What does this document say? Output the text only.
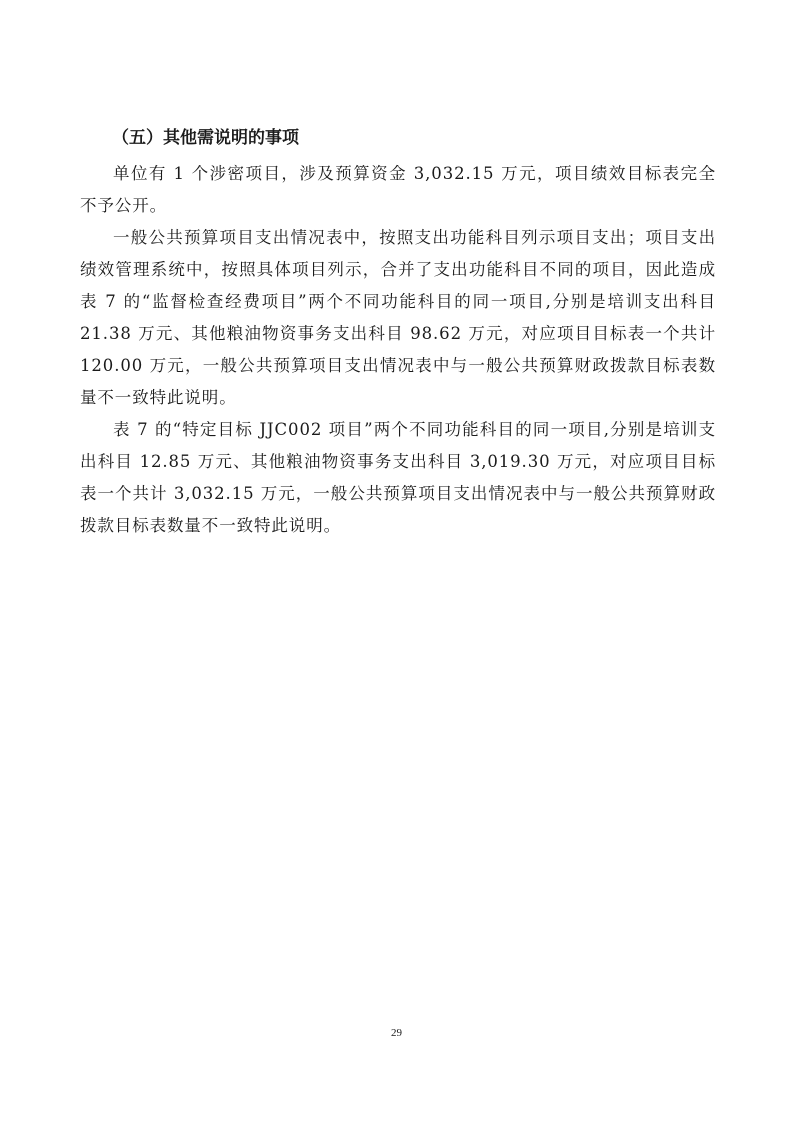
（五）其他需说明的事项

单位有 1 个涉密项目，涉及预算资金 3,032.15 万元，项目绩效目标表完全不予公开。

一般公共预算项目支出情况表中，按照支出功能科目列示项目支出；项目支出绩效管理系统中，按照具体项目列示，合并了支出功能科目不同的项目，因此造成表 7 的“监督检查经费项目”两个不同功能科目的同一项目,分别是培训支出科目 21.38 万元、其他粮油物资事务支出科目 98.62 万元，对应项目目标表一个共计 120.00 万元，一般公共预算项目支出情况表中与一般公共预算财政拨款目标表数量不一致特此说明。

表 7 的“特定目标 JJC002 项目”两个不同功能科目的同一项目,分别是培训支出科目 12.85 万元、其他粮油物资事务支出科目 3,019.30 万元，对应项目目标表一个共计 3,032.15 万元，一般公共预算项目支出情况表中与一般公共预算财政拨款目标表数量不一致特此说明。

29
